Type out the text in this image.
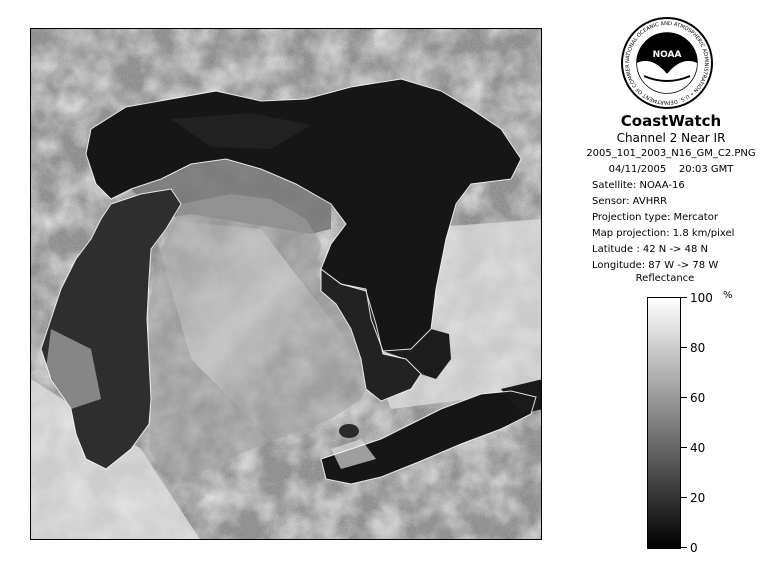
NOAA
NATIONAL OCEANIC AND ATMOSPHERIC ADMINISTRATION • U.S. DEPARTMENT OF COMMER
CoastWatch
Channel 2 Near IR
2005_101_2003_N16_GM_C2.PNG
04/11/2005    20:03 GMT
Satellite: NOAA-16
Sensor: AVHRR
Projection type: Mercator
Map projection: 1.8 km/pixel
Latitude : 42 N -> 48 N
Longitude: 87 W -> 78 W
Reflectance
%
100
80
60
40
20
0
